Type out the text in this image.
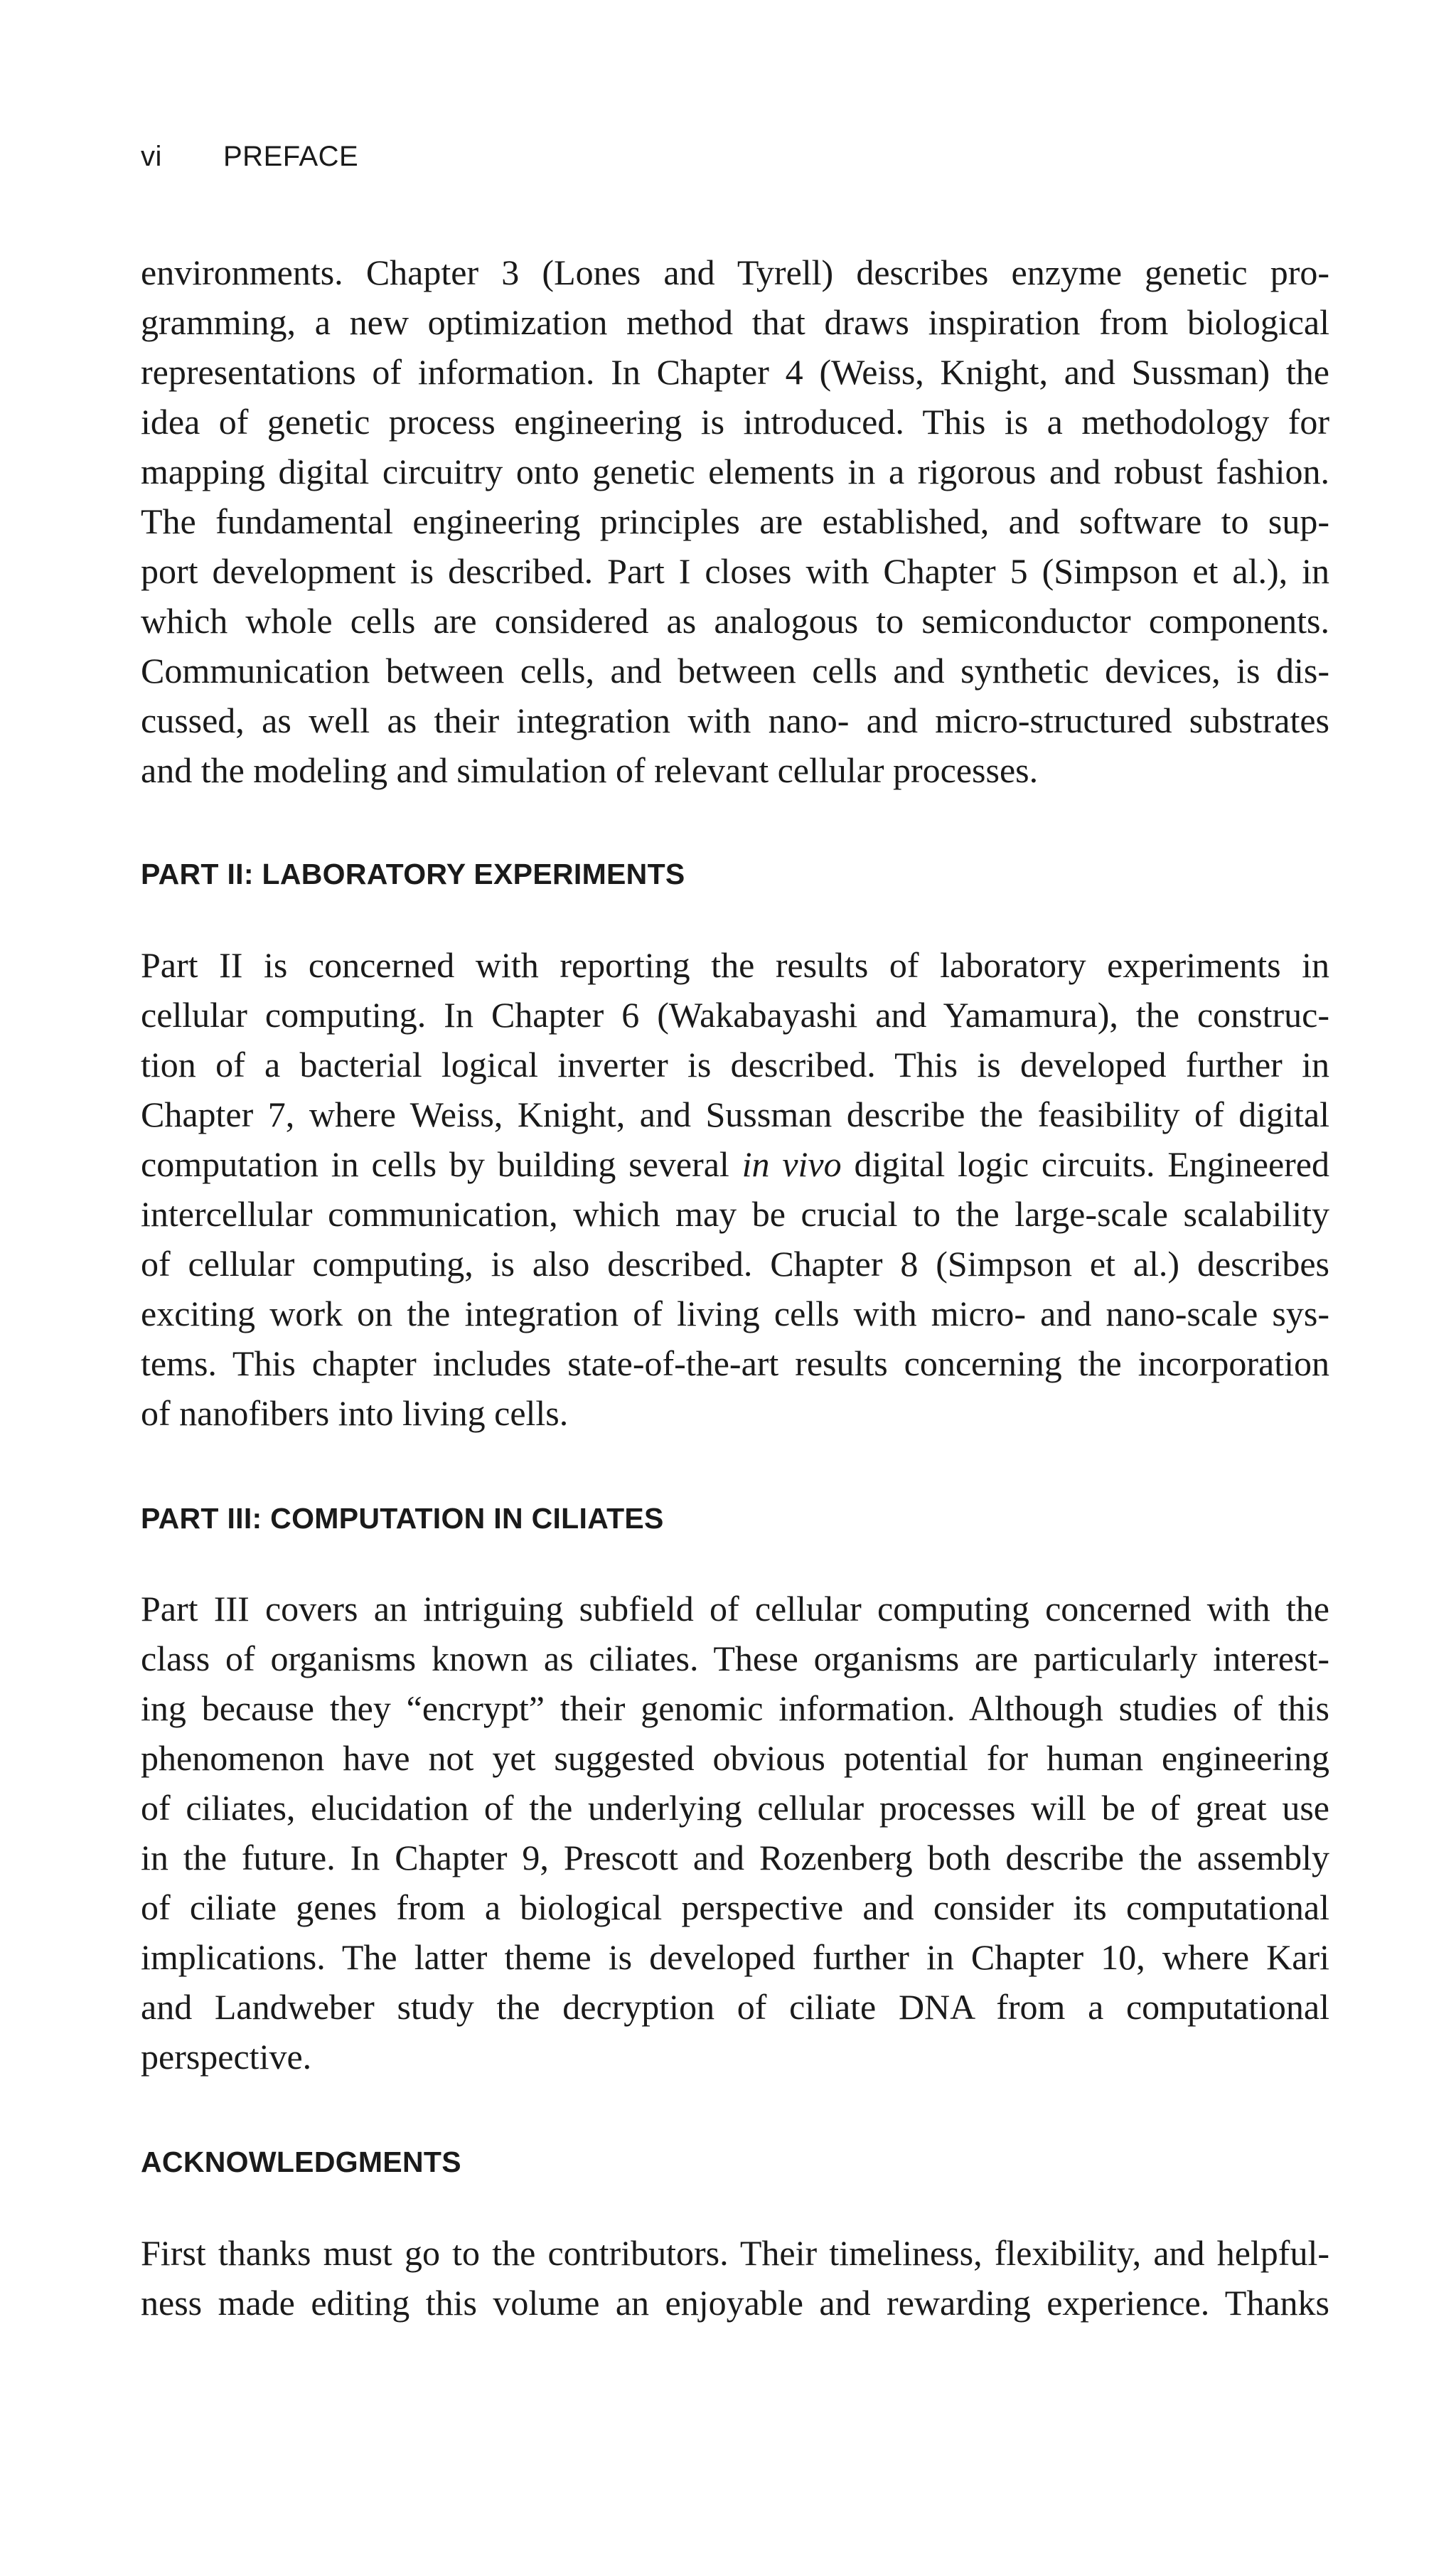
vi PREFACE

environments. Chapter 3 (Lones and Tyrell) describes enzyme genetic pro-
gramming, a new optimization method that draws inspiration from biological
representations of information. In Chapter 4 (Weiss, Knight, and Sussman) the
idea of genetic process engineering is introduced. This is a methodology for
mapping digital circuitry onto genetic elements in a rigorous and robust fashion.
The fundamental engineering principles are established, and software to sup-
port development is described. Part I closes with Chapter 5 (Simpson et al.), in
which whole cells are considered as analogous to semiconductor components.
Communication between cells, and between cells and synthetic devices, is dis-
cussed, as well as their integration with nano- and micro-structured substrates
and the modeling and simulation of relevant cellular processes.

PART II: LABORATORY EXPERIMENTS

Part II is concerned with reporting the results of laboratory experiments in
cellular computing. In Chapter 6 (Wakabayashi and Yamamura), the construc-
tion of a bacterial logical inverter is described. This is developed further in
Chapter 7, where Weiss, Knight, and Sussman describe the feasibility of digital
computation in cells by building several in vivo digital logic circuits. Engineered
intercellular communication, which may be crucial to the large-scale scalability
of cellular computing, is also described. Chapter 8 (Simpson et al.) describes
exciting work on the integration of living cells with micro- and nano-scale sys-
tems. This chapter includes state-of-the-art results concerning the incorporation
of nanofibers into living cells.

PART III: COMPUTATION IN CILIATES

Part III covers an intriguing subfield of cellular computing concerned with the
class of organisms known as ciliates. These organisms are particularly interest-
ing because they “encrypt” their genomic information. Although studies of this
phenomenon have not yet suggested obvious potential for human engineering
of ciliates, elucidation of the underlying cellular processes will be of great use
in the future. In Chapter 9, Prescott and Rozenberg both describe the assembly
of ciliate genes from a biological perspective and consider its computational
implications. The latter theme is developed further in Chapter 10, where Kari
and Landweber study the decryption of ciliate DNA from a computational
perspective.

ACKNOWLEDGMENTS

First thanks must go to the contributors. Their timeliness, flexibility, and helpful-
ness made editing this volume an enjoyable and rewarding experience. Thanks
